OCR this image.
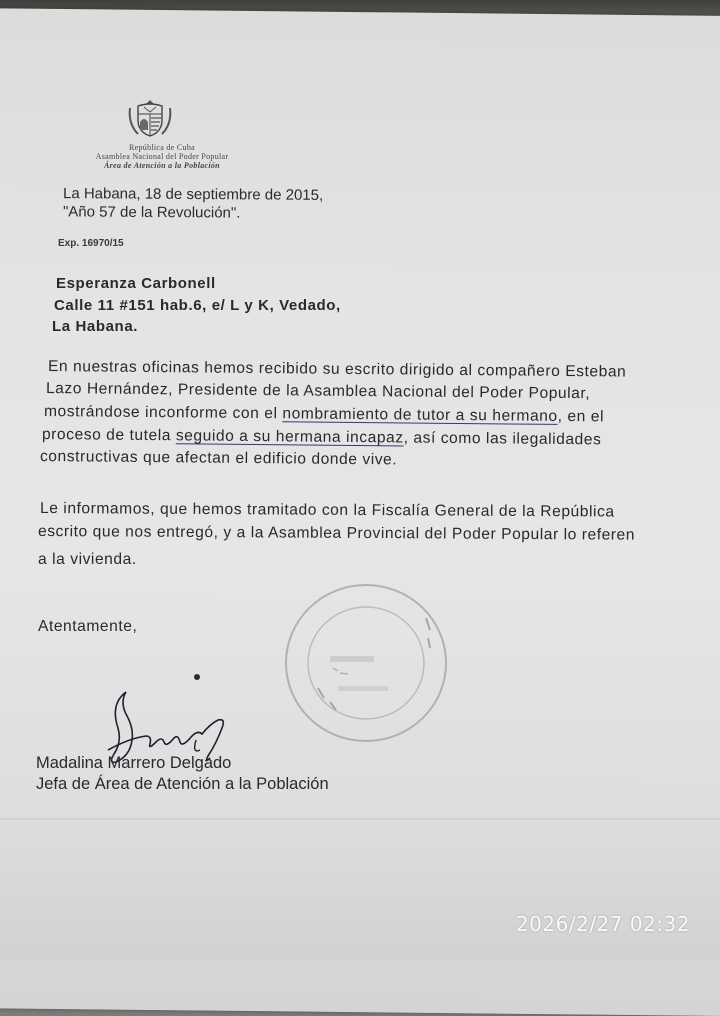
República de Cuba
Asamblea Nacional del Poder Popular
Área de Atención a la Población
La Habana, 18 de septiembre de 2015,
"Año 57 de la Revolución".
Exp. 16970/15
Esperanza Carbonell
Calle 11 #151 hab.6, e/ L y K, Vedado,
La Habana.
En nuestras oficinas hemos recibido su escrito dirigido al compañero Esteban
Lazo Hernández, Presidente de la Asamblea Nacional del Poder Popular,
mostrándose inconforme con el nombramiento de tutor a su hermano, en el
proceso de tutela seguido a su hermana incapaz, así como las ilegalidades
constructivas que afectan el edificio donde vive.
Le informamos, que hemos tramitado con la Fiscalía General de la República
escrito que nos entregó, y a la Asamblea Provincial del Poder Popular lo referen
a la vivienda.
Atentamente,
Madalina Marrero Delgado
Jefa de Área de Atención a la Población
2026/2/27 02:32
